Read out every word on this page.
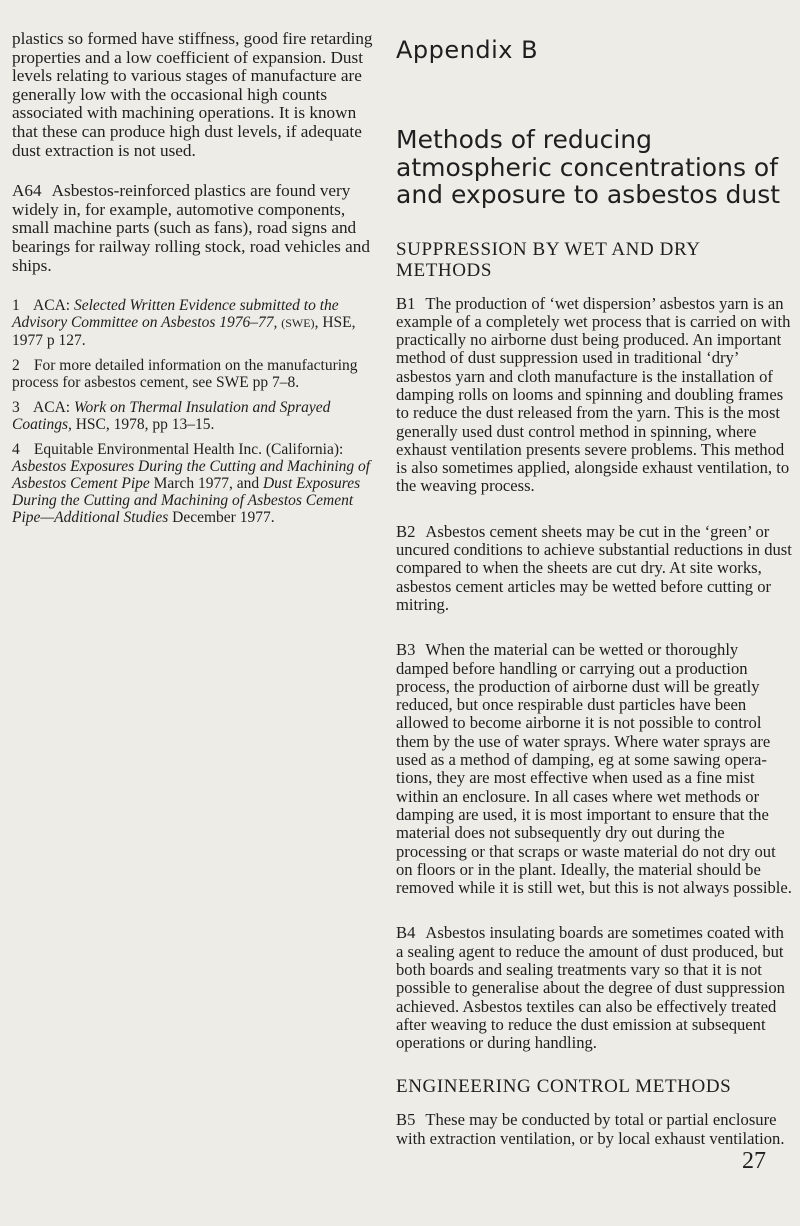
plastics so formed have stiffness, good fire retarding properties and a low coefficient of expansion. Dust levels relating to various stages of manufacture are generally low with the occasional high counts associated with machining operations. It is known that these can produce high dust levels, if adequate dust extraction is not used.

A64 Asbestos-reinforced plastics are found very widely in, for example, automotive components, small machine parts (such as fans), road signs and bearings for railway rolling stock, road vehicles and ships.

1 ACA: Selected Written Evidence submitted to the Advisory Committee on Asbestos 1976–77, (SWE), HSE, 1977 p 127.

2 For more detailed information on the manufacturing process for asbestos cement, see SWE pp 7–8.

3 ACA: Work on Thermal Insulation and Sprayed Coatings, HSC, 1978, pp 13–15.

4 Equitable Environmental Health Inc. (California): Asbestos Exposures During the Cutting and Machining of Asbestos Cement Pipe March 1977, and Dust Exposures During the Cutting and Machining of Asbestos Cement Pipe—Additional Studies December 1977.

Appendix B
Methods of reducing atmospheric concentrations of and exposure to asbestos dust
SUPPRESSION BY WET AND DRY METHODS

B1 The production of ‘wet dispersion’ asbestos yarn is an example of a completely wet process that is carried on with practically no airborne dust being produced. An important method of dust suppression used in traditional ‘dry’ asbestos yarn and cloth manufacture is the installation of damping rolls on looms and spinning and doubling frames to reduce the dust released from the yarn. This is the most generally used dust control method in spinning, where exhaust ventilation presents severe problems. This method is also sometimes applied, alongside exhaust ventilation, to the weaving process.

B2 Asbestos cement sheets may be cut in the ‘green’ or uncured conditions to achieve substantial reductions in dust compared to when the sheets are cut dry. At site works, asbestos cement articles may be wetted before cutting or mitring.

B3 When the material can be wetted or thoroughly damped before handling or carrying out a production process, the production of airborne dust will be greatly reduced, but once respirable dust particles have been allowed to become airborne it is not possible to control them by the use of water sprays. Where water sprays are used as a method of damping, eg at some sawing opera- tions, they are most effective when used as a fine mist within an enclosure. In all cases where wet methods or damping are used, it is most important to ensure that the material does not subsequently dry out during the processing or that scraps or waste material do not dry out on floors or in the plant. Ideally, the material should be removed while it is still wet, but this is not always possible.

B4 Asbestos insulating boards are sometimes coated with a sealing agent to reduce the amount of dust produced, but both boards and sealing treatments vary so that it is not possible to generalise about the degree of dust suppression achieved. Asbestos textiles can also be effectively treated after weaving to reduce the dust emission at subsequent operations or during handling.

ENGINEERING CONTROL METHODS

B5 These may be conducted by total or partial enclosure with extraction ventilation, or by local exhaust ventilation.

27
